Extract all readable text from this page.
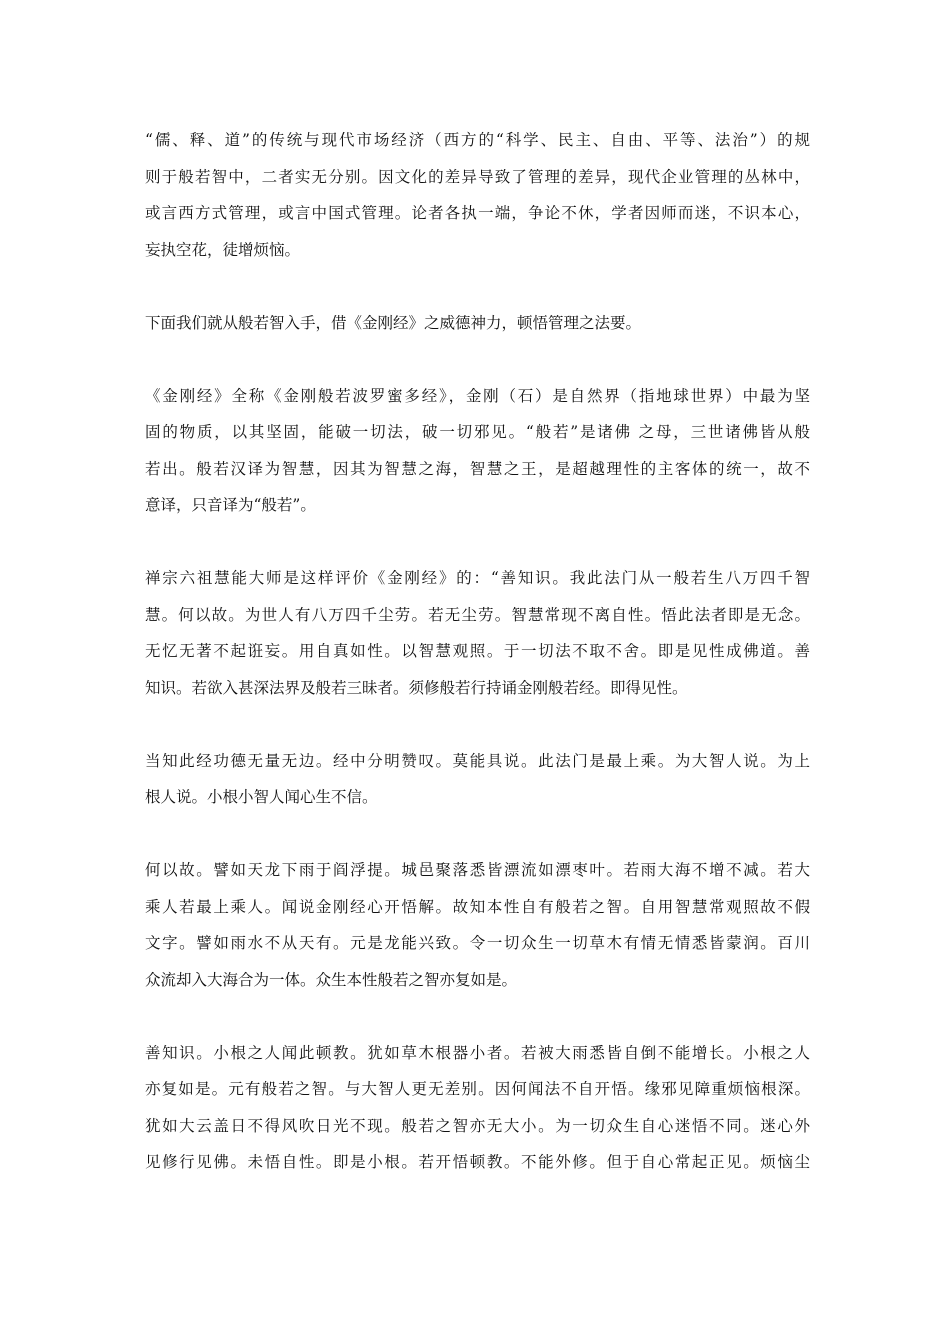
“儒、释、道”的传统与现代市场经济（西方的“科学、民主、自由、平等、法治”）的规
则于般若智中，二者实无分别。因文化的差异导致了管理的差异，现代企业管理的丛林中，
或言西方式管理，或言中国式管理。论者各执一端，争论不休，学者因师而迷，不识本心，
妄执空花，徒增烦恼。
下面我们就从般若智入手，借《金刚经》之威德神力，顿悟管理之法要。
《金刚经》全称《金刚般若波罗蜜多经》，金刚（石）是自然界（指地球世界）中最为坚
固的物质，以其坚固，能破一切法，破一切邪见。“般若”是诸佛 之母，三世诸佛皆从般
若出。般若汉译为智慧，因其为智慧之海，智慧之王，是超越理性的主客体的统一，故不
意译，只音译为“般若”。
禅宗六祖慧能大师是这样评价《金刚经》的：“善知识。我此法门从一般若生八万四千智
慧。何以故。为世人有八万四千尘劳。若无尘劳。智慧常现不离自性。悟此法者即是无念。
无忆无著不起诳妄。用自真如性。以智慧观照。于一切法不取不舍。即是见性成佛道。善
知识。若欲入甚深法界及般若三昧者。须修般若行持诵金刚般若经。即得见性。
当知此经功德无量无边。经中分明赞叹。莫能具说。此法门是最上乘。为大智人说。为上
根人说。小根小智人闻心生不信。
何以故。譬如天龙下雨于阎浮提。城邑聚落悉皆漂流如漂枣叶。若雨大海不增不减。若大
乘人若最上乘人。闻说金刚经心开悟解。故知本性自有般若之智。自用智慧常观照故不假
文字。譬如雨水不从天有。元是龙能兴致。令一切众生一切草木有情无情悉皆蒙润。百川
众流却入大海合为一体。众生本性般若之智亦复如是。
善知识。小根之人闻此顿教。犹如草木根器小者。若被大雨悉皆自倒不能增长。小根之人
亦复如是。元有般若之智。与大智人更无差别。因何闻法不自开悟。缘邪见障重烦恼根深。
犹如大云盖日不得风吹日光不现。般若之智亦无大小。为一切众生自心迷悟不同。迷心外
见修行见佛。未悟自性。即是小根。若开悟顿教。不能外修。但于自心常起正见。烦恼尘
